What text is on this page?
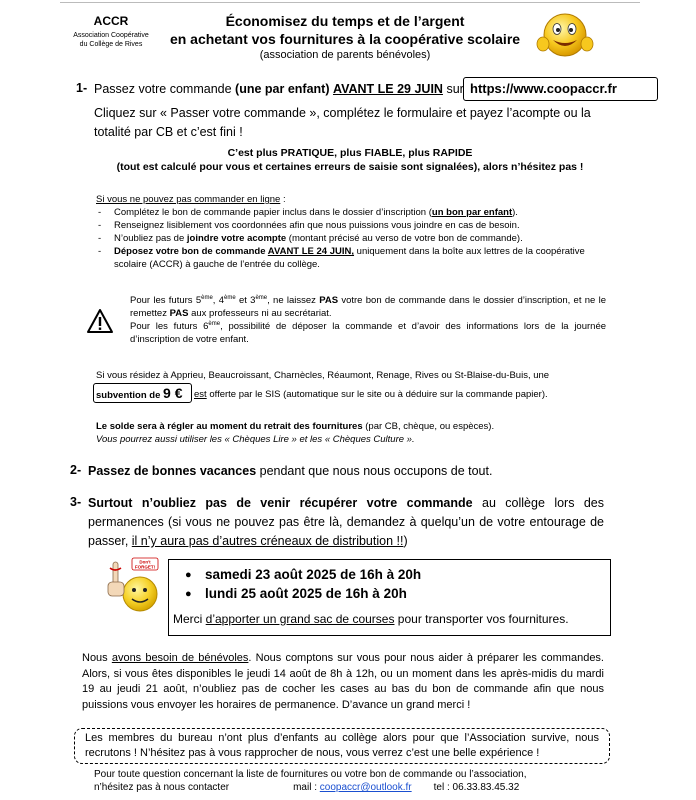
ACCR
Association Coopérative
du Collège de Rives
Économisez du temps et de l’argent
en achetant vos fournitures à la coopérative scolaire
(association de parents bénévoles)
1- Passez votre commande (une par enfant) AVANT LE 29 JUIN sur https://www.coopaccr.fr
Cliquez sur « Passer votre commande », complétez le formulaire et payez l’acompte ou la totalité par CB et c’est fini !
C’est plus PRATIQUE, plus FIABLE, plus RAPIDE
(tout est calculé pour vous et certaines erreurs de saisie sont signalées), alors n’hésitez pas !
Si vous ne pouvez pas commander en ligne :
- Complétez le bon de commande papier inclus dans le dossier d’inscription (un bon par enfant).
- Renseignez lisiblement vos coordonnées afin que nous puissions vous joindre en cas de besoin.
- N’oubliez pas de joindre votre acompte (montant précisé au verso de votre bon de commande).
- Déposez votre bon de commande AVANT LE 24 JUIN, uniquement dans la boîte aux lettres de la coopérative scolaire (ACCR) à gauche de l’entrée du collège.
Pour les futurs 5ème, 4ème et 3ème, ne laissez PAS votre bon de commande dans le dossier d’inscription, et ne le remettez PAS aux professeurs ni au secrétariat.
Pour les futurs 6ème, possibilité de déposer la commande et d’avoir des informations lors de la journée d’inscription de votre enfant.
Si vous résidez à Apprieu, Beaucroissant, Charnècles, Réaumont, Renage, Rives ou St-Blaise-du-Buis, une
subvention de 9 €	est offerte par le SIS (automatique sur le site ou à déduire sur la commande papier).
Le solde sera à régler au moment du retrait des fournitures (par CB, chèque, ou espèces).
Vous pourrez aussi utiliser les « Chèques Lire » et les « Chèques Culture ».
2- Passez de bonnes vacances pendant que nous nous occupons de tout.
3- Surtout n’oubliez pas de venir récupérer votre commande au collège lors des permanences (si vous ne pouvez pas être là, demandez à quelqu’un de votre entourage de passer, il n’y aura pas d’autres créneaux de distribution !!)
Don't
FORGET!
●	samedi 23 août 2025 de 16h à 20h
● lundi 25 août 2025 de 16h à 20h
Merci d’apporter un grand sac de courses pour transporter vos fournitures.
Nous avons besoin de bénévoles. Nous comptons sur vous pour nous aider à préparer les commandes. Alors, si vous êtes disponibles le jeudi 14 août de 8h à 12h, ou un moment dans les après-midis du mardi 19 au jeudi 21 août, n’oubliez pas de cocher les cases au bas du bon de commande afin que nous puissions vous envoyer les horaires de permanence. D’avance un grand merci !
Les membres du bureau n’ont plus d’enfants au collège alors pour que l’Association survive, nous recrutons ! N’hésitez pas à vous rapprocher de nous, vous verrez c’est une belle expérience !
Pour toute question concernant la liste de fournitures ou votre bon de commande ou l’association,
n’hésitez pas à nous contacter	mail : coopaccr@outlook.fr tel : 06.33.83.45.32
